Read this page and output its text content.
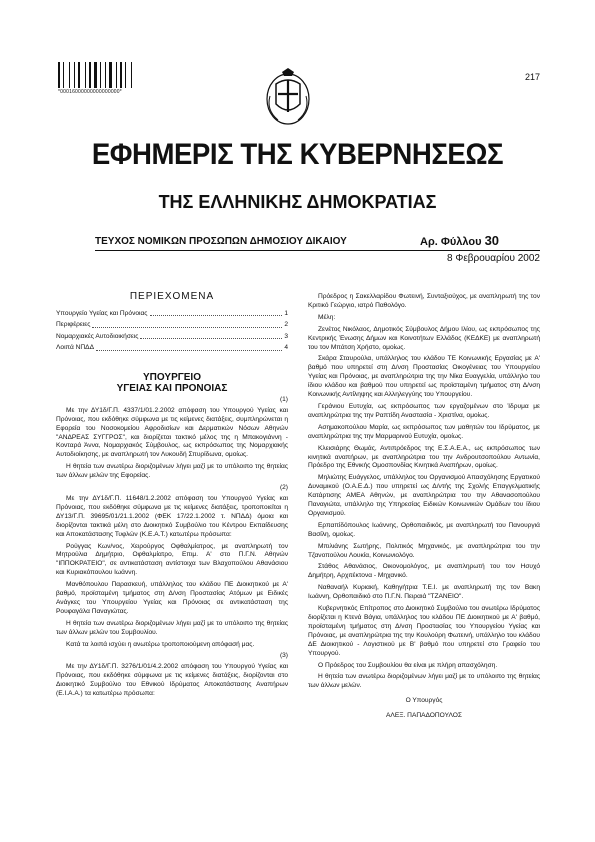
*00016000000000000000*
217
ΕΦΗΜΕΡΙΣ ΤΗΣ ΚΥΒΕΡΝΗΣΕΩΣ
ΤΗΣ ΕΛΛΗΝΙΚΗΣ ΔΗΜΟΚΡΑΤΙΑΣ
ΤΕΥΧΟΣ ΝΟΜΙΚΩΝ ΠΡΟΣΩΠΩΝ ΔΗΜΟΣΙΟΥ ΔΙΚΑΙΟΥ	Αρ. Φύλλου 30
8 Φεβρουαρίου 2002
ΠΕΡΙΕΧΟΜΕΝΑ
Υπουργείο Υγείας και Πρόνοιας	1
Περιφέρειες	2
Νομαρχιακές Αυτοδιοικήσεις	3
Λοιπά ΝΠΔΔ	4
ΥΠΟΥΡΓΕΙΟ
ΥΓΕΙΑΣ ΚΑΙ ΠΡΟΝΟΙΑΣ
(1)

Με την ΔΥ1δ/Γ.Π. 4337/1/01.2.2002 απόφαση του Υπουργού Υγείας και Πρόνοιας, που εκδόθηκε σύμφωνα με τις κείμενες διατάξεις, συμπληρώνεται η Εφορεία του Νοσοκομείου Αφροδισίων και Δερματικών Νόσων Αθηνών "ΑΝΔΡΕΑΣ ΣΥΓΓΡΟΣ", και διορίζεται τακτικό μέλος της η Μπακογιάννη - Κονταρά Άννα, Νομαρχιακός Σύμβουλος, ως εκπρόσωπος της Νομαρχιακής Αυτοδιοίκησης, με αναπληρωτή τον Λυκουδή Σπυρίδωνα, ομοίως.

Η θητεία των ανωτέρω διοριζομένων λήγει μαζί με το υπόλοιπο της θητείας των άλλων μελών της Εφορείας.

(2)

Με την ΔΥ1δ/Γ.Π. 11648/1.2.2002 απόφαση του Υπουργού Υγείας και Πρόνοιας, που εκδόθηκε σύμφωνα με τις κείμενες διατάξεις, τροποποιείται η ΔΥ13/Γ.Π. 39695/01/21.1.2002 (ΦΕΚ 17/22.1.2002 τ. ΝΠΔΔ) όμοια και διορίζονται τακτικά μέλη στο Διοικητικό Συμβούλιο του Κέντρου Εκπαίδευσης και Αποκατάστασης Τυφλών (Κ.Ε.Α.Τ.) κατωτέρω πρόσωπα:

Ρούγγας Κων/νος, Χειρούργος Οφθαλμίατρος, με αναπληρωτή τον Μητρούλια Δημήτριο, Οφθαλμίατρο, Επιμ. Α' στο Π.Γ.Ν. Αθηνών "ΙΠΠΟΚΡΑΤΕΙΟ", σε αντικατάσταση αντίστοιχα των Βλαχοπούλου Αθανάσιου και Κυριακόπουλου Ιωάννη.

Μανθόπουλου Παρασκευή, υπάλληλος του κλάδου ΠΕ Διοικητικού με Α' βαθμό, προϊσταμένη τμήματος στη Δ/νση Προστασίας Ατόμων με Ειδικές Ανάγκες του Υπουργείου Υγείας και Πρόνοιας σε αντικατάσταση της Ρουφαγάλα Παναγιώτας.

Η θητεία των ανωτέρω διοριζομένων λήγει μαζί με το υπόλοιπο της θητείας των άλλων μελών του Συμβουλίου.

Κατά τα λοιπά ισχύει η ανωτέρω τροποποιούμενη απόφασή μας.

(3)

Με την ΔΥ1δ/Γ.Π. 3276/1/01/4.2.2002 απόφαση του Υπουργού Υγείας και Πρόνοιας, που εκδόθηκε σύμφωνα με τις κείμενες διατάξεις, διορίζονται στο Διοικητικό Συμβούλιο του Εθνικού Ιδρύματος Αποκατάστασης Αναπήρων (Ε.Ι.Α.Α.) τα κατωτέρω πρόσωπα:

Πρόεδρος η Σακελλαρίδου Φωτεινή, Συνταξιούχος, με αναπληρωτή της τον Κριτικό Γεώργιο, ιατρό Παθολόγο.

Μέλη:

Ζενέτος Νικόλαος, Δημοτικός Σύμβουλος Δήμου Ιλίου, ως εκπρόσωπος της Κεντρικής Ένωσης Δήμων και Κοινοτήτων Ελλάδος (ΚΕΔΚΕ) με αναπληρωτή του τον Μπάτση Χρήστο, ομοίως.

Σκάρα Σταυρούλα, υπάλληλος του κλάδου ΤΕ Κοινωνικής Εργασίας με Α' βαθμό που υπηρετεί στη Δ/νση Προστασίας Οικογένειας του Υπουργείου Υγείας και Πρόνοιας, με αναπληρώτρια της την Νίκα Ευαγγελία, υπάλληλο του ίδιου κλάδου και βαθμού που υπηρετεί ως προϊσταμένη τμήματος στη Δ/νση Κοινωνικής Αντίληψης και Αλληλεγγύης του Υπουργείου.

Γεράνιου Ευτυχία, ως εκπρόσωπος των εργαζομένων στο Ίδρυμα με αναπληρώτρια της την Ραπτίδη Αναστασία - Χριστίνα, ομοίως.

Ασημακοπούλου Μαρία, ως εκπρόσωπος των μαθητών του Ιδρύματος, με αναπληρώτρια της την Μαρμαρινού Ευτυχία, ομοίως.

Κλεισιάρης Θωμάς, Αντιπρόεδρος της Ε.Σ.Α.Ε.Α., ως εκπρόσωπος των κινητικά αναπήρων, με αναπληρώτρια του την Ανδρουτσοπούλου Αντωνία, Πρόεδρο της Εθνικής Ομοσπονδίας Κινητικά Αναπήρων, ομοίως.

Μηλιώτης Ευάγγελος, υπάλληλος του Οργανισμού Απασχόλησης Εργατικού Δυναμικού (Ο.Α.Ε.Δ.) που υπηρετεί ως Δ/ντής της Σχολής Επαγγελματικής Κατάρτισης ΑΜΕΑ Αθηνών, με αναπληρώτρια του την Αθανασοπούλου Παναγιώτα, υπάλληλο της Υπηρεσίας Ειδικών Κοινωνικών Ομάδων του ίδιου Οργανισμού.

Ερπαπίδόπουλος Ιωάννης, Ορθοπαιδικός, με αναπληρωτή του Πανουργιά Βασίλη, ομοίως.

Μπιλιάνης Σωτήρης, Πολιτικός Μηχανικός, με αναπληρώτρια του την Τζανοπούλου Λουκία, Κοινωνιολόγο.

Στάθος Αθανάσιος, Οικονομολόγος, με αναπληρωτή του τον Ησυχό Δημήτρη, Αρχιτέκτονα - Μηχανικό.

Ναθαναήλ Κυριακή, Καθηγήτρια Τ.Ε.Ι. με αναπληρωτή της τον Βακη Ιωάννη, Ορθοπαιδικό στο Π.Γ.Ν. Πειραιά "ΤΖΑΝΕΙΟ".

Κυβερνητικός Επίτροπος στο Διοικητικό Συμβούλιο του ανωτέρω Ιδρύματος διορίζεται η Κτενά Βάγια, υπάλληλος του κλάδου ΠΕ Διοικητικού με Α' βαθμό, προϊσταμένη τμήματος στη Δ/νση Προστασίας του Υπουργείου Υγείας και Πρόνοιας, με αναπληρώτρια της την Κουλούρη Φωτεινή, υπάλληλο του κλάδου ΔΕ Διοικητικού - Λογιστικού με Β' βαθμό που υπηρετεί στο Γραφείο του Υπουργού.

Ο Πρόεδρος του Συμβουλίου θα είναι με πλήρη απασχόληση.

Η θητεία των ανωτέρω διοριζομένων λήγει μαζί με το υπόλοιπο της θητείας των άλλων μελών.

Ο Υπουργός
ΑΛΕΞ. ΠΑΠΑΔΟΠΟΥΛΟΣ
